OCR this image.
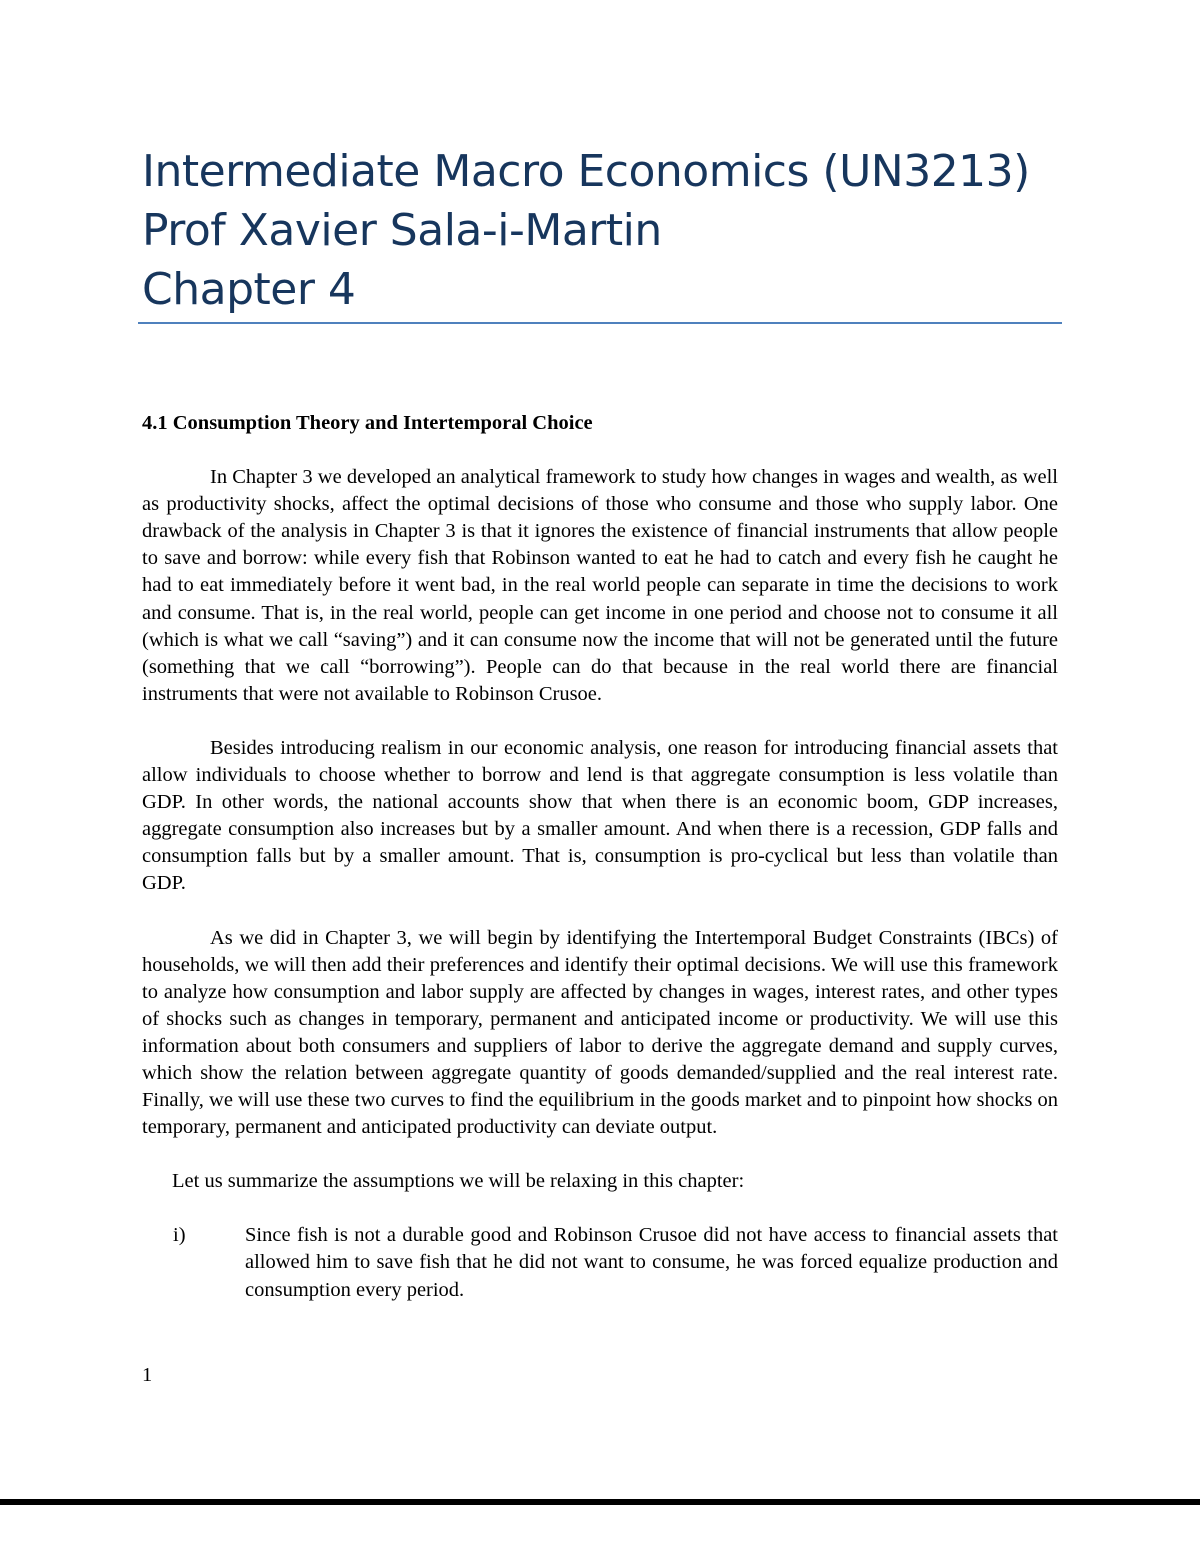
Intermediate Macro Economics (UN3213)
Prof Xavier Sala-i-Martin
Chapter 4
4.1 Consumption Theory and Intertemporal Choice

In Chapter 3 we developed an analytical framework to study how changes in wages and wealth, as well as productivity shocks, affect the optimal decisions of those who consume and those who supply labor. One drawback of the analysis in Chapter 3 is that it ignores the existence of financial instruments that allow people to save and borrow: while every fish that Robinson wanted to eat he had to catch and every fish he caught he had to eat immediately before it went bad, in the real world people can separate in time the decisions to work and consume. That is, in the real world, people can get income in one period and choose not to consume it all (which is what we call “saving”) and it can consume now the income that will not be generated until the future (something that we call “borrowing”). People can do that because in the real world there are financial instruments that were not available to Robinson Crusoe.

Besides introducing realism in our economic analysis, one reason for introducing financial assets that allow individuals to choose whether to borrow and lend is that aggregate consumption is less volatile than GDP. In other words, the national accounts show that when there is an economic boom, GDP increases, aggregate consumption also increases but by a smaller amount. And when there is a recession, GDP falls and consumption falls but by a smaller amount. That is, consumption is pro-cyclical but less than volatile than GDP.

As we did in Chapter 3, we will begin by identifying the Intertemporal Budget Constraints (IBCs) of households, we will then add their preferences and identify their optimal decisions. We will use this framework to analyze how consumption and labor supply are affected by changes in wages, interest rates, and other types of shocks such as changes in temporary, permanent and anticipated income or productivity. We will use this information about both consumers and suppliers of labor to derive the aggregate demand and supply curves, which show the relation between aggregate quantity of goods demanded/supplied and the real interest rate. Finally, we will use these two curves to find the equilibrium in the goods market and to pinpoint how shocks on temporary, permanent and anticipated productivity can deviate output.

Let us summarize the assumptions we will be relaxing in this chapter:

i)	Since fish is not a durable good and Robinson Crusoe did not have access to financial assets that allowed him to save fish that he did not want to consume, he was forced equalize production and consumption every period.
1
